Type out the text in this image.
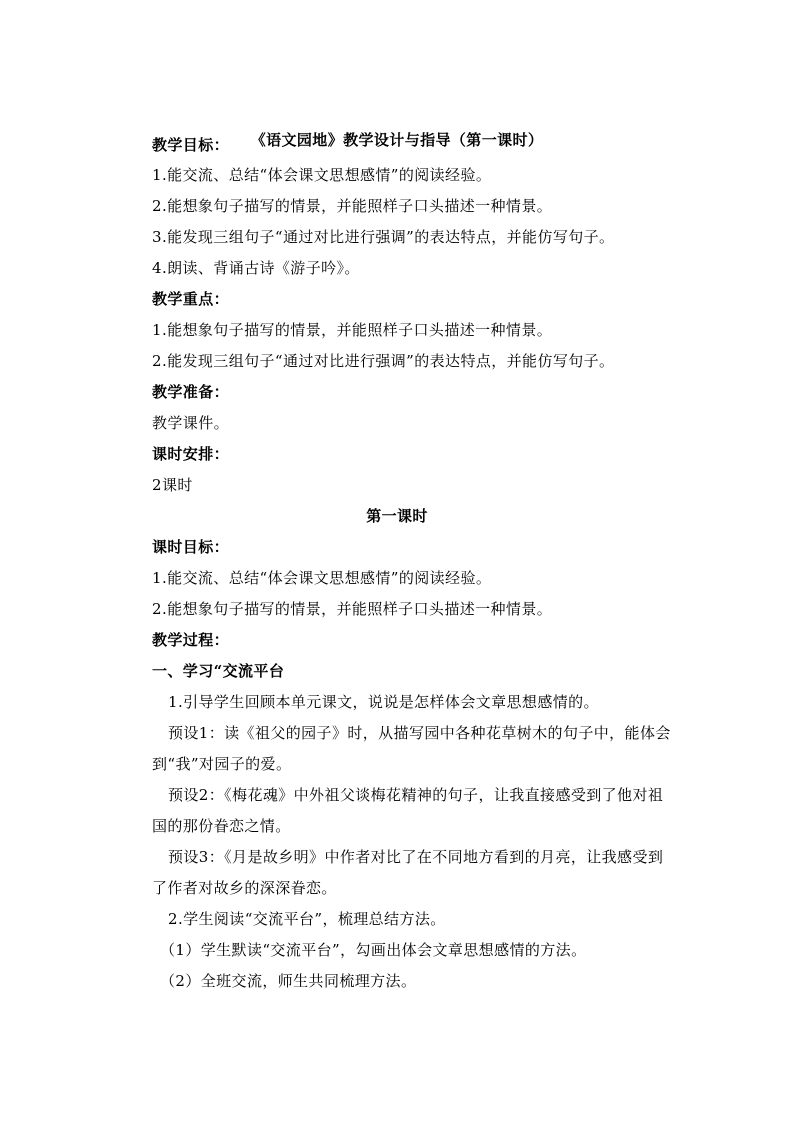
《语文园地》教学设计与指导（第一课时）
教学目标：
1.能交流、总结“体会课文思想感情”的阅读经验。
2.能想象句子描写的情景，并能照样子口头描述一种情景。
3.能发现三组句子“通过对比进行强调”的表达特点，并能仿写句子。
4.朗读、背诵古诗《游子吟》。
教学重点：
1.能想象句子描写的情景，并能照样子口头描述一种情景。
2.能发现三组句子“通过对比进行强调”的表达特点，并能仿写句子。
教学准备：
教学课件。
课时安排：
2课时
第一课时
课时目标：
1.能交流、总结“体会课文思想感情”的阅读经验。
2.能想象句子描写的情景，并能照样子口头描述一种情景。
教学过程：
一、学习“交流平台
1.引导学生回顾本单元课文，说说是怎样体会文章思想感情的。
预设1：读《祖父的园子》时，从描写园中各种花草树木的句子中，能体会
到“我”对园子的爱。
预设2：《梅花魂》中外祖父谈梅花精神的句子，让我直接感受到了他对祖
国的那份眷恋之情。
预设3：《月是故乡明》中作者对比了在不同地方看到的月亮，让我感受到
了作者对故乡的深深眷恋。
2.学生阅读“交流平台”，梳理总结方法。
（1）学生默读“交流平台”，勾画出体会文章思想感情的方法。
（2）全班交流，师生共同梳理方法。
